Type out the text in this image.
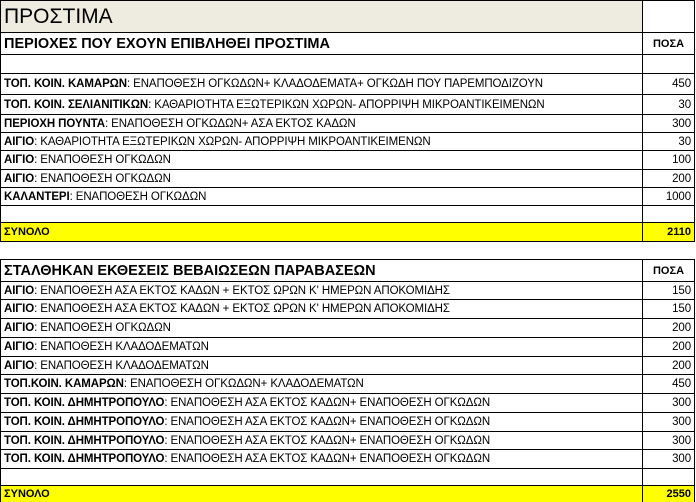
ΠΡΟΣΤΙΜΑ
ΠΕΡΙΟΧΕΣ ΠΟΥ ΕΧΟΥΝ ΕΠΙΒΛΗΘΕΙ ΠΡΟΣΤΙΜΑ	ΠΟΣΑ
ΤΟΠ. ΚΟΙΝ. ΚΑΜΑΡΩΝ : ΕΝΑΠΟΘΕΣΗ ΟΓΚΩΔΩΝ+ ΚΛΑΔΟΔΕΜΑΤΑ+ ΟΓΚΩΔΗ ΠΟΥ ΠΑΡΕΜΠΟΔΙΖΟΥΝ	450
ΤΟΠ. ΚΟΙΝ. ΣΕΛΙΑΝΙΤΙΚΩΝ : ΚΑΘΑΡΙΟΤΗΤΑ ΕΞΩΤΕΡΙΚΩΝ ΧΩΡΩΝ- ΑΠΟΡΡΙΨΗ ΜΙΚΡΟΑΝΤΙΚΕΙΜΕΝΩΝ	30
ΠΕΡΙΟΧΗ ΠΟΥΝΤΑ : ΕΝΑΠΟΘΕΣΗ ΟΓΚΩΔΩΝ+ ΑΣΑ ΕΚΤΟΣ ΚΑΔΩΝ	300
ΑΙΓΙΟ : ΚΑΘΑΡΙΟΤΗΤΑ ΕΞΩΤΕΡΙΚΩΝ ΧΩΡΩΝ- ΑΠΟΡΡΙΨΗ ΜΙΚΡΟΑΝΤΙΚΕΙΜΕΝΩΝ	30
ΑΙΓΙΟ : ΕΝΑΠΟΘΕΣΗ ΟΓΚΩΔΩΝ	100
ΑΙΓΙΟ : ΕΝΑΠΟΘΕΣΗ ΟΓΚΩΔΩΝ	200
ΚΑΛΑΝΤΕΡΙ : ΕΝΑΠΟΘΕΣΗ ΟΓΚΩΔΩΝ	1000
ΣΥΝΟΛΟ	2110
ΣΤΑΛΘΗΚΑΝ ΕΚΘΕΣΕΙΣ ΒΕΒΑΙΩΣΕΩΝ ΠΑΡΑΒΑΣΕΩΝ	ΠΟΣΑ
ΑΙΓΙΟ : ΕΝΑΠΟΘΕΣΗ ΑΣΑ ΕΚΤΟΣ ΚΑΔΩΝ + ΕΚΤΟΣ ΩΡΩΝ Κ' ΗΜΕΡΩΝ ΑΠΟΚΟΜΙΔΗΣ	150
ΑΙΓΙΟ : ΕΝΑΠΟΘΕΣΗ ΑΣΑ ΕΚΤΟΣ ΚΑΔΩΝ + ΕΚΤΟΣ ΩΡΩΝ Κ' ΗΜΕΡΩΝ ΑΠΟΚΟΜΙΔΗΣ	150
ΑΙΓΙΟ : ΕΝΑΠΟΘΕΣΗ ΟΓΚΩΔΩΝ	200
ΑΙΓΙΟ : ΕΝΑΠΟΘΕΣΗ ΚΛΑΔΟΔΕΜΑΤΩΝ	200
ΑΙΓΙΟ : ΕΝΑΠΟΘΕΣΗ ΚΛΑΔΟΔΕΜΑΤΩΝ	200
ΤΟΠ.ΚΟΙΝ. ΚΑΜΑΡΩΝ : ΕΝΑΠΟΘΕΣΗ ΟΓΚΩΔΩΝ+ ΚΛΑΔΟΔΕΜΑΤΩΝ	450
ΤΟΠ. ΚΟΙΝ. ΔΗΜΗΤΡΟΠΟΥΛΟ : ΕΝΑΠΟΘΕΣΗ ΑΣΑ ΕΚΤΟΣ ΚΑΔΩΝ+ ΕΝΑΠΟΘΕΣΗ ΟΓΚΩΔΩΝ	300
ΤΟΠ. ΚΟΙΝ. ΔΗΜΗΤΡΟΠΟΥΛΟ : ΕΝΑΠΟΘΕΣΗ ΑΣΑ ΕΚΤΟΣ ΚΑΔΩΝ+ ΕΝΑΠΟΘΕΣΗ ΟΓΚΩΔΩΝ	300
ΤΟΠ. ΚΟΙΝ. ΔΗΜΗΤΡΟΠΟΥΛΟ : ΕΝΑΠΟΘΕΣΗ ΑΣΑ ΕΚΤΟΣ ΚΑΔΩΝ+ ΕΝΑΠΟΘΕΣΗ ΟΓΚΩΔΩΝ	300
ΤΟΠ. ΚΟΙΝ. ΔΗΜΗΤΡΟΠΟΥΛΟ : ΕΝΑΠΟΘΕΣΗ ΑΣΑ ΕΚΤΟΣ ΚΑΔΩΝ+ ΕΝΑΠΟΘΕΣΗ ΟΓΚΩΔΩΝ	300
ΣΥΝΟΛΟ	2550
